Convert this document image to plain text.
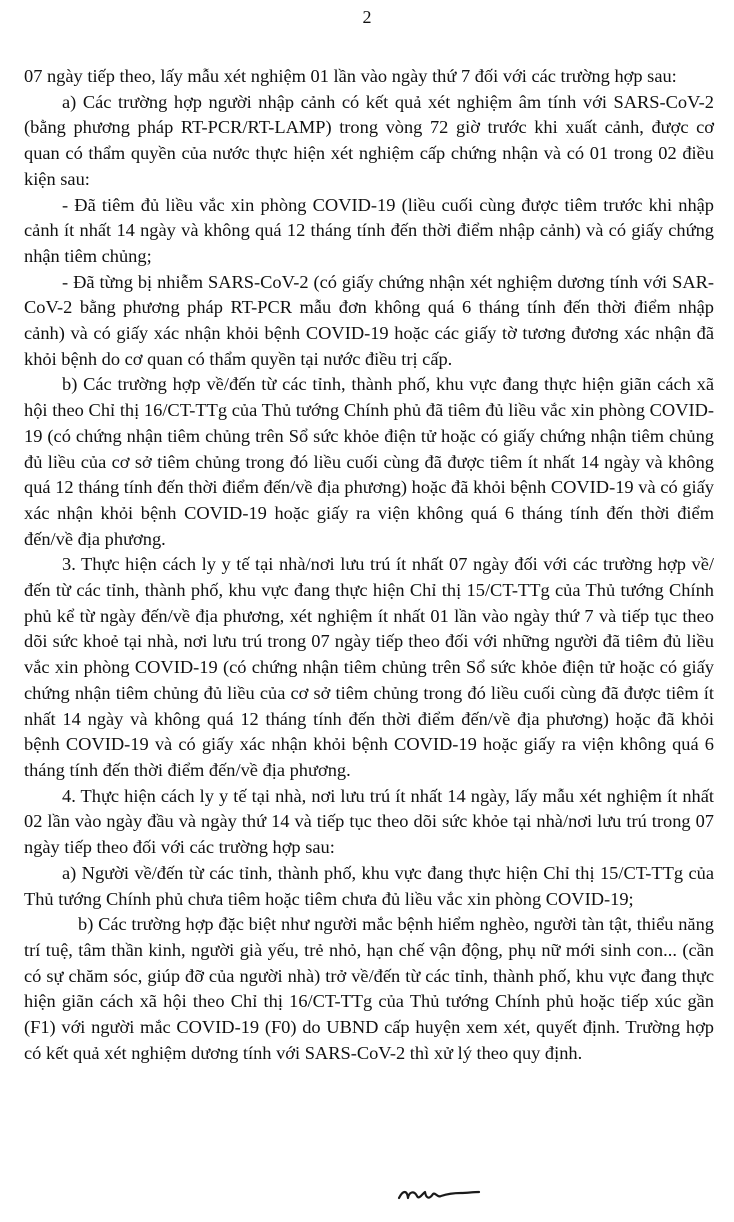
2

07 ngày tiếp theo, lấy mẫu xét nghiệm 01 lần vào ngày thứ 7 đối với các trường hợp sau:

a) Các trường hợp người nhập cảnh có kết quả xét nghiệm âm tính với SARS-CoV-2 (bằng phương pháp RT-PCR/RT-LAMP) trong vòng 72 giờ trước khi xuất cảnh, được cơ quan có thẩm quyền của nước thực hiện xét nghiệm cấp chứng nhận và có 01 trong 02 điều kiện sau:

- Đã tiêm đủ liều vắc xin phòng COVID-19 (liều cuối cùng được tiêm trước khi nhập cảnh ít nhất 14 ngày và không quá 12 tháng tính đến thời điểm nhập cảnh) và có giấy chứng nhận tiêm chủng;

- Đã từng bị nhiễm SARS-CoV-2 (có giấy chứng nhận xét nghiệm dương tính với SAR-CoV-2 bằng phương pháp RT-PCR mẫu đơn không quá 6 tháng tính đến thời điểm nhập cảnh) và có giấy xác nhận khỏi bệnh COVID-19 hoặc các giấy tờ tương đương xác nhận đã khỏi bệnh do cơ quan có thẩm quyền tại nước điều trị cấp.

b) Các trường hợp về/đến từ các tỉnh, thành phố, khu vực đang thực hiện giãn cách xã hội theo Chỉ thị 16/CT-TTg của Thủ tướng Chính phủ đã tiêm đủ liều vắc xin phòng COVID-19 (có chứng nhận tiêm chủng trên Sổ sức khỏe điện tử hoặc có giấy chứng nhận tiêm chủng đủ liều của cơ sở tiêm chủng trong đó liều cuối cùng đã được tiêm ít nhất 14 ngày và không quá 12 tháng tính đến thời điểm đến/về địa phương) hoặc đã khỏi bệnh COVID-19 và có giấy xác nhận khỏi bệnh COVID-19 hoặc giấy ra viện không quá 6 tháng tính đến thời điểm đến/về địa phương.

3. Thực hiện cách ly y tế tại nhà/nơi lưu trú ít nhất 07 ngày đối với các trường hợp về/đến từ các tỉnh, thành phố, khu vực đang thực hiện Chỉ thị 15/CT-TTg của Thủ tướng Chính phủ kể từ ngày đến/về địa phương, xét nghiệm ít nhất 01 lần vào ngày thứ 7 và tiếp tục theo dõi sức khoẻ tại nhà, nơi lưu trú trong 07 ngày tiếp theo đối với những người đã tiêm đủ liều vắc xin phòng COVID-19 (có chứng nhận tiêm chủng trên Sổ sức khỏe điện tử hoặc có giấy chứng nhận tiêm chủng đủ liều của cơ sở tiêm chủng trong đó liều cuối cùng đã được tiêm ít nhất 14 ngày và không quá 12 tháng tính đến thời điểm đến/về địa phương) hoặc đã khỏi bệnh COVID-19 và có giấy xác nhận khỏi bệnh COVID-19 hoặc giấy ra viện không quá 6 tháng tính đến thời điểm đến/về địa phương.

4. Thực hiện cách ly y tế tại nhà, nơi lưu trú ít nhất 14 ngày, lấy mẫu xét nghiệm ít nhất 02 lần vào ngày đầu và ngày thứ 14 và tiếp tục theo dõi sức khỏe tại nhà/nơi lưu trú trong 07 ngày tiếp theo đối với các trường hợp sau:

a) Người về/đến từ các tỉnh, thành phố, khu vực đang thực hiện Chỉ thị 15/CT-TTg của Thủ tướng Chính phủ chưa tiêm hoặc tiêm chưa đủ liều vắc xin phòng COVID-19;

b) Các trường hợp đặc biệt như người mắc bệnh hiểm nghèo, người tàn tật, thiểu năng trí tuệ, tâm thần kinh, người già yếu, trẻ nhỏ, hạn chế vận động, phụ nữ mới sinh con... (cần có sự chăm sóc, giúp đỡ của người nhà) trở về/đến từ các tỉnh, thành phố, khu vực đang thực hiện giãn cách xã hội theo Chỉ thị 16/CT-TTg của Thủ tướng Chính phủ hoặc tiếp xúc gần (F1) với người mắc COVID-19 (F0) do UBND cấp huyện xem xét, quyết định. Trường hợp có kết quả xét nghiệm dương tính với SARS-CoV-2 thì xử lý theo quy định.
